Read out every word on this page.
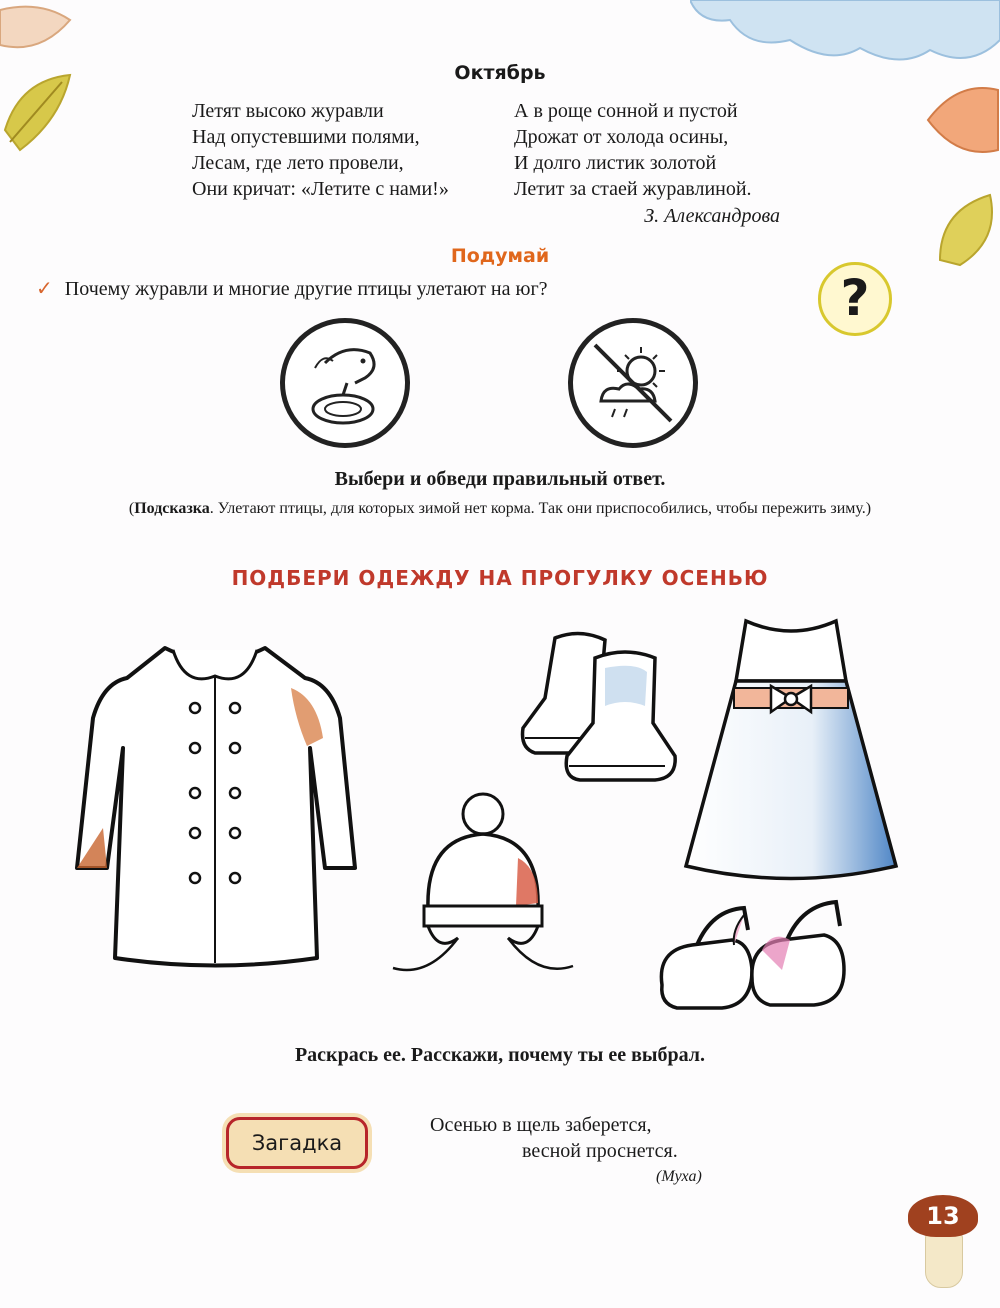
Октябрь
Летят высоко журавли
Над опустевшими полями,
Лесам, где лето провели,
Они кричат: «Летите с нами!»
А в роще сонной и пустой
Дрожат от холода осины,
И долго листик золотой
Летит за стаей журавлиной.
З. Александрова
Подумай
✓ Почему журавли и многие другие птицы улетают на юг?	?
Выбери и обведи правильный ответ.
(Подсказка. Улетают птицы, для которых зимой нет корма. Так они приспособились, чтобы пережить зиму.)
ПОДБЕРИ ОДЕЖДУ НА ПРОГУЛКУ ОСЕНЬЮ
Раскрась ее. Расскажи, почему ты ее выбрал.
Загадка
Осенью в щель заберется,
весной проснется.
(Муха)
13
